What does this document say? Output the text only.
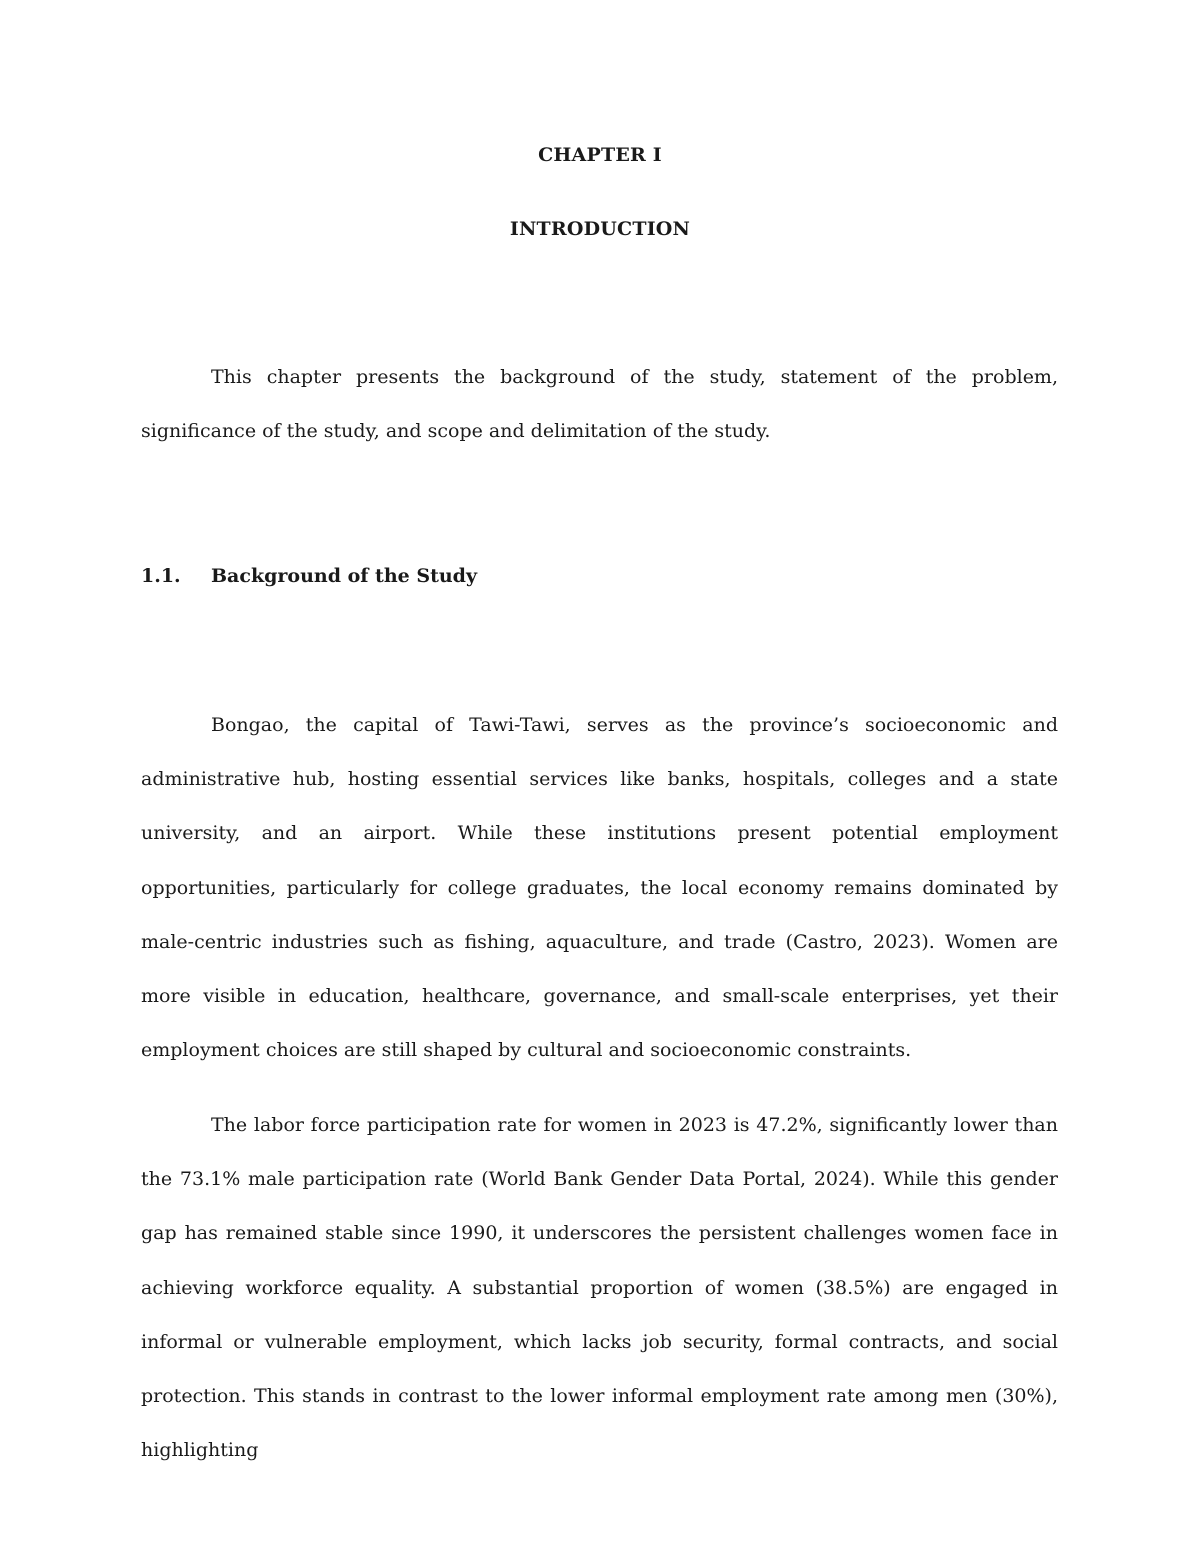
CHAPTER I
INTRODUCTION

This chapter presents the background of the study, statement of the problem, significance of the study, and scope and delimitation of the study.

1.1.	Background of the Study

Bongao, the capital of Tawi-Tawi, serves as the province’s socioeconomic and administrative hub, hosting essential services like banks, hospitals, colleges and a state university, and an airport. While these institutions present potential employment opportunities, particularly for college graduates, the local economy remains dominated by male-centric industries such as fishing, aquaculture, and trade (Castro, 2023). Women are more visible in education, healthcare, governance, and small-scale enterprises, yet their employment choices are still shaped by cultural and socioeconomic constraints.

The labor force participation rate for women in 2023 is 47.2%, significantly lower than the 73.1% male participation rate (World Bank Gender Data Portal, 2024). While this gender gap has remained stable since 1990, it underscores the persistent challenges women face in achieving workforce equality. A substantial proportion of women (38.5%) are engaged in informal or vulnerable employment, which lacks job security, formal contracts, and social protection. This stands in contrast to the lower informal employment rate among men (30%), highlighting
